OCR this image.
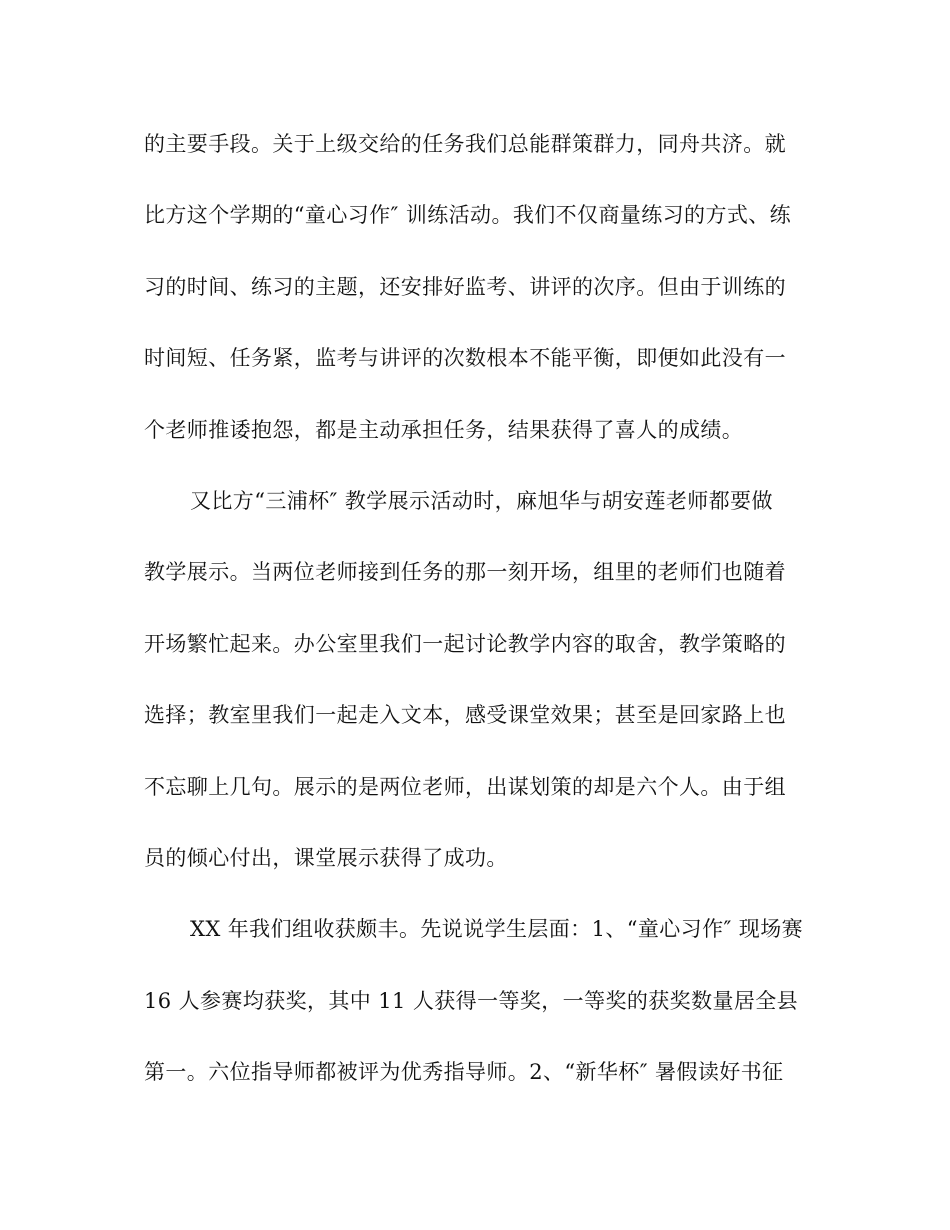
的主要手段。关于上级交给的任务我们总能群策群力，同舟共济。就
比方这个学期的“童心习作″ 训练活动。我们不仅商量练习的方式、练
习的时间、练习的主题，还安排好监考、讲评的次序。但由于训练的
时间短、任务紧，监考与讲评的次数根本不能平衡，即便如此没有一
个老师推诿抱怨，都是主动承担任务，结果获得了喜人的成绩。
又比方“三浦杯″ 教学展示活动时，麻旭华与胡安莲老师都要做
教学展示。当两位老师接到任务的那一刻开场，组里的老师们也随着
开场繁忙起来。办公室里我们一起讨论教学内容的取舍，教学策略的
选择；教室里我们一起走入文本，感受课堂效果；甚至是回家路上也
不忘聊上几句。展示的是两位老师，出谋划策的却是六个人。由于组
员的倾心付出，课堂展示获得了成功。
XX 年我们组收获颇丰。先说说学生层面：1、“童心习作″ 现场赛
16 人参赛均获奖，其中 11 人获得一等奖，一等奖的获奖数量居全县
第一。六位指导师都被评为优秀指导师。2、“新华杯″ 暑假读好书征
